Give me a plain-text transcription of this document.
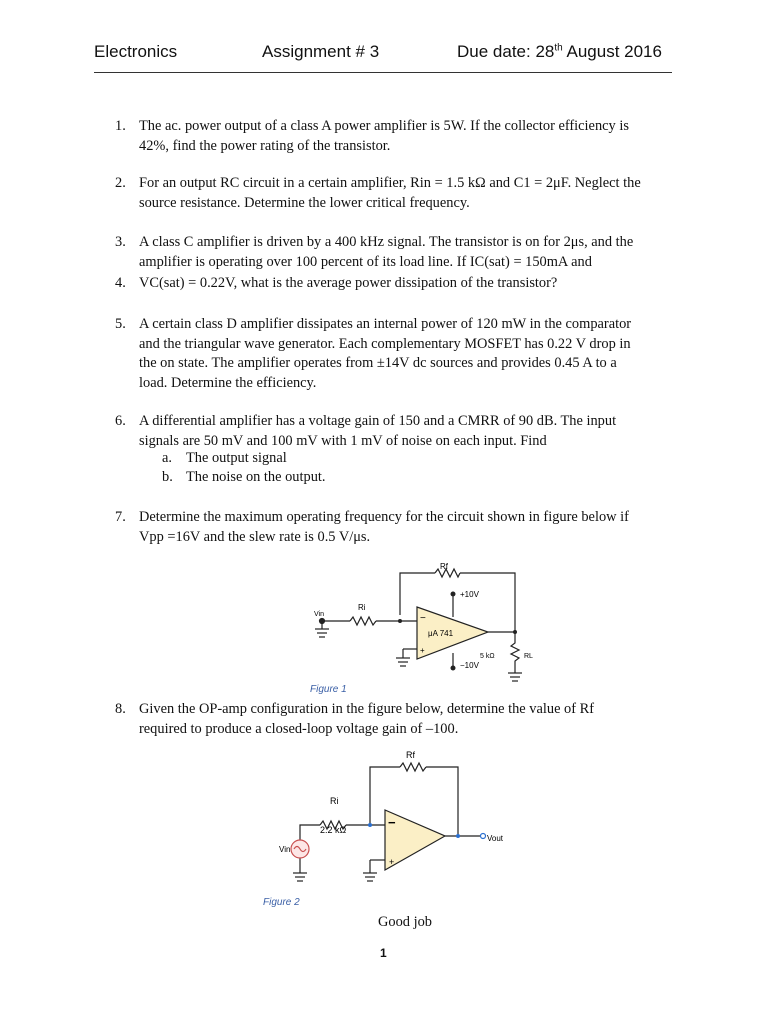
Electronics	Assignment # 3	Due date: 28th August 2016
1. The ac. power output of a class A power amplifier is 5W. If the collector efficiency is
42%, find the power rating of the transistor.
2. For an output RC circuit in a certain amplifier, Rin = 1.5 kΩ and C1 = 2μF. Neglect the
source resistance. Determine the lower critical frequency.
3. A class C amplifier is driven by a 400 kHz signal. The transistor is on for 2μs, and the
amplifier is operating over 100 percent of its load line. If IC(sat) = 150mA and
4. VC(sat) = 0.22V, what is the average power dissipation of the transistor?
5. A certain class D amplifier dissipates an internal power of 120 mW in the comparator
and the triangular wave generator. Each complementary MOSFET has 0.22 V drop in
the on state. The amplifier operates from ±14V dc sources and provides 0.45 A to a
load. Determine the efficiency.
6. A differential amplifier has a voltage gain of 150 and a CMRR of 90 dB. The input
signals are 50 mV and 100 mV with 1 mV of noise on each input. Find
a. The output signal
b. The noise on the output.
7. Determine the maximum operating frequency for the circuit shown in figure below if
Vpp =16V and the slew rate is 0.5 V/μs.
Rf
Ri
Vin
μA 741
+10V
−10V
5 kΩ	RL
−
+
Figure 1
8. Given the OP-amp configuration in the figure below, determine the value of Rf
required to produce a closed-loop voltage gain of –100.
Rf
Ri
2.2 kΩ
Vin
Vout
−
+
Figure 2
Good job
1
